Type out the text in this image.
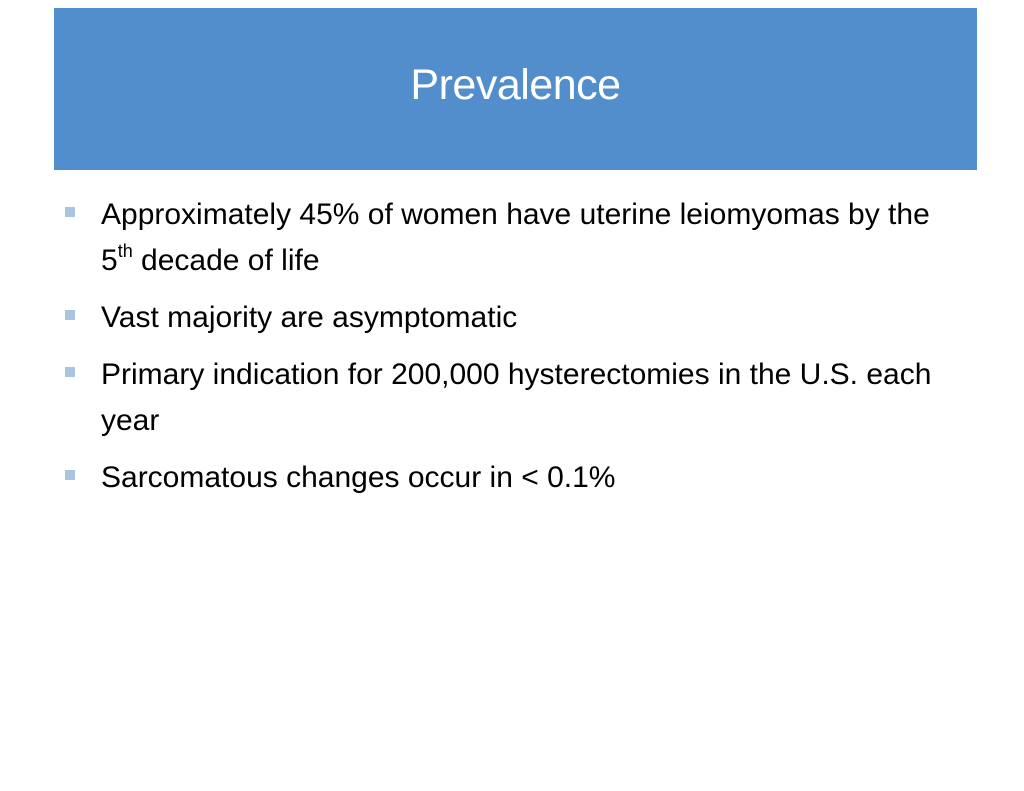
Prevalence
Approximately 45% of women have uterine leiomyomas by the 5th decade of life
Vast majority are asymptomatic
Primary indication for 200,000 hysterectomies in the U.S. each year
Sarcomatous changes occur in < 0.1%
